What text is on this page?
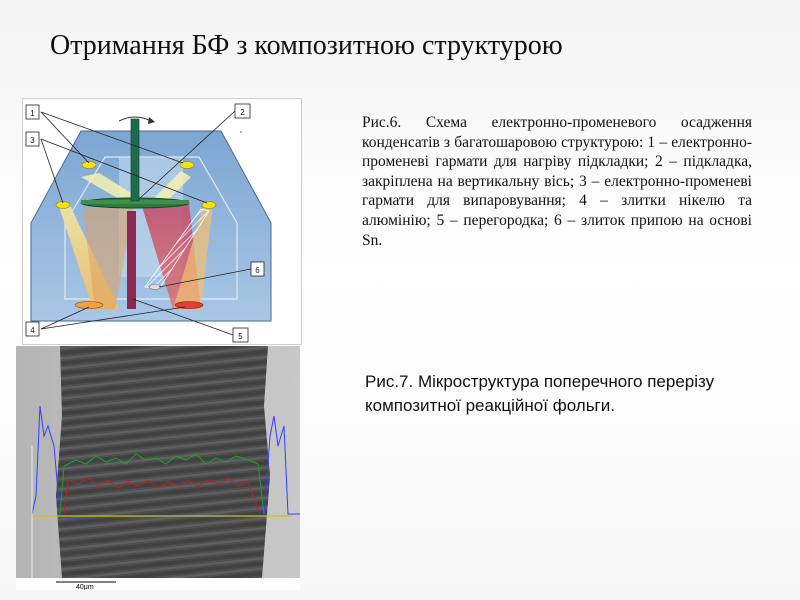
Отримання БФ з композитною структурою
1	2
3
4
5
6
Рис.6. Схема електронно-променевого осадження конденсатів з багатошаровою структурою: 1 – електронно-променеві гармати для нагріву підкладки; 2 – підкладка, закріплена на вертикальну вісь; 3 – електронно-променеві гармати для випаровування; 4 – злитки нікелю та алюмінію; 5 – перегородка; 6 – злиток припою на основі Sn.
40μm
Рис.7. Мікроструктура поперечного перерізу композитної реакційної фольги.
